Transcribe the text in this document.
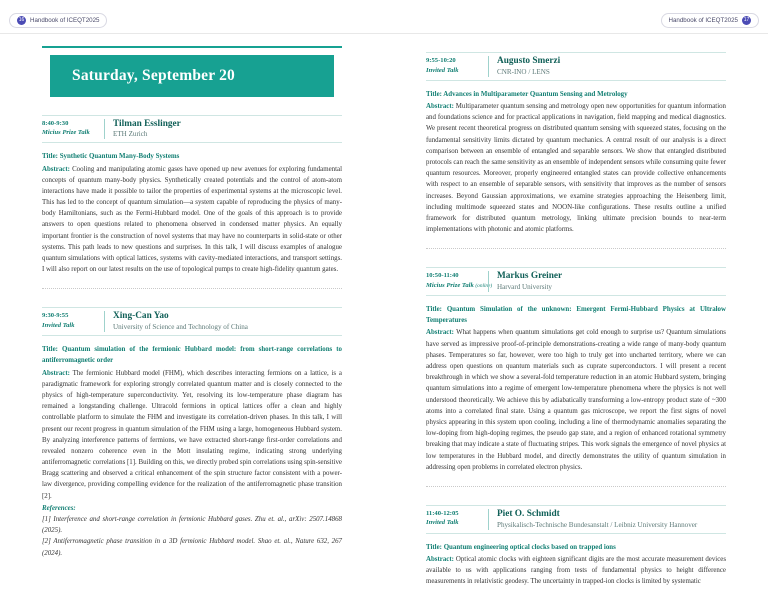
16 Handbook of ICEQT2025	Handbook of ICEQT2025	17
Saturday, September 20
8:40-9:30
Micius Prize Talk
Tilman Esslinger
ETH Zurich
Title: Synthetic Quantum Many-Body Systems
Abstract: Cooling and manipulating atomic gases have opened up new avenues for exploring fundamental concepts of quantum many-body physics. Synthetically created potentials and the control of atom-atom interactions have made it possible to tailor the properties of experimental systems at the microscopic level. This has led to the concept of quantum simulation—a system capable of reproducing the physics of many-body Hamiltonians, such as the Fermi-Hubbard model. One of the goals of this approach is to provide answers to open questions related to phenomena observed in condensed matter physics. An equally important frontier is the construction of novel systems that may have no counterparts in solid-state or other systems. This path leads to new questions and surprises. In this talk, I will discuss examples of analogue quantum simulations with optical lattices, systems with cavity-mediated interactions, and transport settings. I will also report on our latest results on the use of topological pumps to create high-fidelity quantum gates.
9:30-9:55
Invited Talk
Xing-Can Yao
University of Science and Technology of China
Title: Quantum simulation of the fermionic Hubbard model: from short-range correlations to antiferromagnetic order
Abstract: The fermionic Hubbard model (FHM), which describes interacting fermions on a lattice, is a paradigmatic framework for exploring strongly correlated quantum matter and is closely connected to the physics of high-temperature superconductivity. Yet, resolving its low-temperature phase diagram has remained a longstanding challenge. Ultracold fermions in optical lattices offer a clean and highly controllable platform to simulate the FHM and investigate its correlation-driven phases. In this talk, I will present our recent progress in quantum simulation of the FHM using a large, homogeneous Hubbard system. By analyzing interference patterns of fermions, we have extracted short-range first-order correlations and revealed nonzero coherence even in the Mott insulating regime, indicating strong underlying antiferromagnetic correlations [1]. Building on this, we directly probed spin correlations using spin-sensitive Bragg scattering and observed a critical enhancement of the spin structure factor consistent with a power-law divergence, providing compelling evidence for the realization of the antiferromagnetic phase transition [2].
References:
[1] Interference and short-range correlation in fermionic Hubbard gases. Zhu et. al., arXiv: 2507.14868 (2025).
[2] Antiferromagnetic phase transition in a 3D fermionic Hubbard model. Shao et. al., Nature 632, 267 (2024).
9:55-10:20
Invited Talk
Augusto Smerzi
CNR-INO / LENS
Title: Advances in Multiparameter Quantum Sensing and Metrology
Abstract: Multiparameter quantum sensing and metrology open new opportunities for quantum information and foundations science and for practical applications in navigation, field mapping and medical diagnostics. We present recent theoretical progress on distributed quantum sensing with squeezed states, focusing on the fundamental sensitivity limits dictated by quantum mechanics. A central result of our analysis is a direct comparison between an ensemble of entangled and separable sensors. We show that entangled distributed protocols can reach the same sensitivity as an ensemble of independent sensors while consuming quite fewer quantum resources. Moreover, properly engineered entangled states can provide collective enhancements with respect to an ensemble of separable sensors, with sensitivity that improves as the number of sensors increases. Beyond Gaussian approximations, we examine strategies approaching the Heisenberg limit, including multimode squeezed states and NOON-like configurations. These results outline a unified framework for distributed quantum metrology, linking ultimate precision bounds to near-term implementations with photonic and atomic platforms.
10:50-11:40
Micius Prize Talk (online)
Markus Greiner
Harvard University
Title: Quantum Simulation of the unknown: Emergent Fermi-Hubbard Physics at Ultralow Temperatures
Abstract: What happens when quantum simulations get cold enough to surprise us? Quantum simulations have served as impressive proof-of-principle demonstrations-creating a wide range of many-body quantum phases. Temperatures so far, however, were too high to truly get into uncharted territory, where we can address open questions on quantum materials such as cuprate superconductors. I will present a recent breakthrough in which we show a several-fold temperature reduction in an atomic Hubbard system, bringing quantum simulations into a regime of emergent low-temperature phenomena where the physics is not well understood theoretically. We achieve this by adiabatically transforming a low-entropy product state of ~300 atoms into a correlated final state. Using a quantum gas microscope, we report the first signs of novel physics appearing in this system upon cooling, including a line of thermodynamic anomalies separating the low-doping from high-doping regimes, the pseudo gap state, and a region of enhanced rotational symmetry breaking that may indicate a state of fluctuating stripes. This work signals the emergence of novel physics at low temperatures in the Hubbard model, and directly demonstrates the utility of quantum simulation in addressing open problems in correlated electron physics.
11:40-12:05
Invited Talk
Piet O. Schmidt
Physikalisch-Technische Bundesanstalt / Leibniz University Hannover
Title: Quantum engineering optical clocks based on trapped ions
Abstract: Optical atomic clocks with eighteen significant digits are the most accurate measurement devices available to us with applications ranging from tests of fundamental physics to height difference measurements in relativistic geodesy. The uncertainty in trapped-ion clocks is limited by systematic
